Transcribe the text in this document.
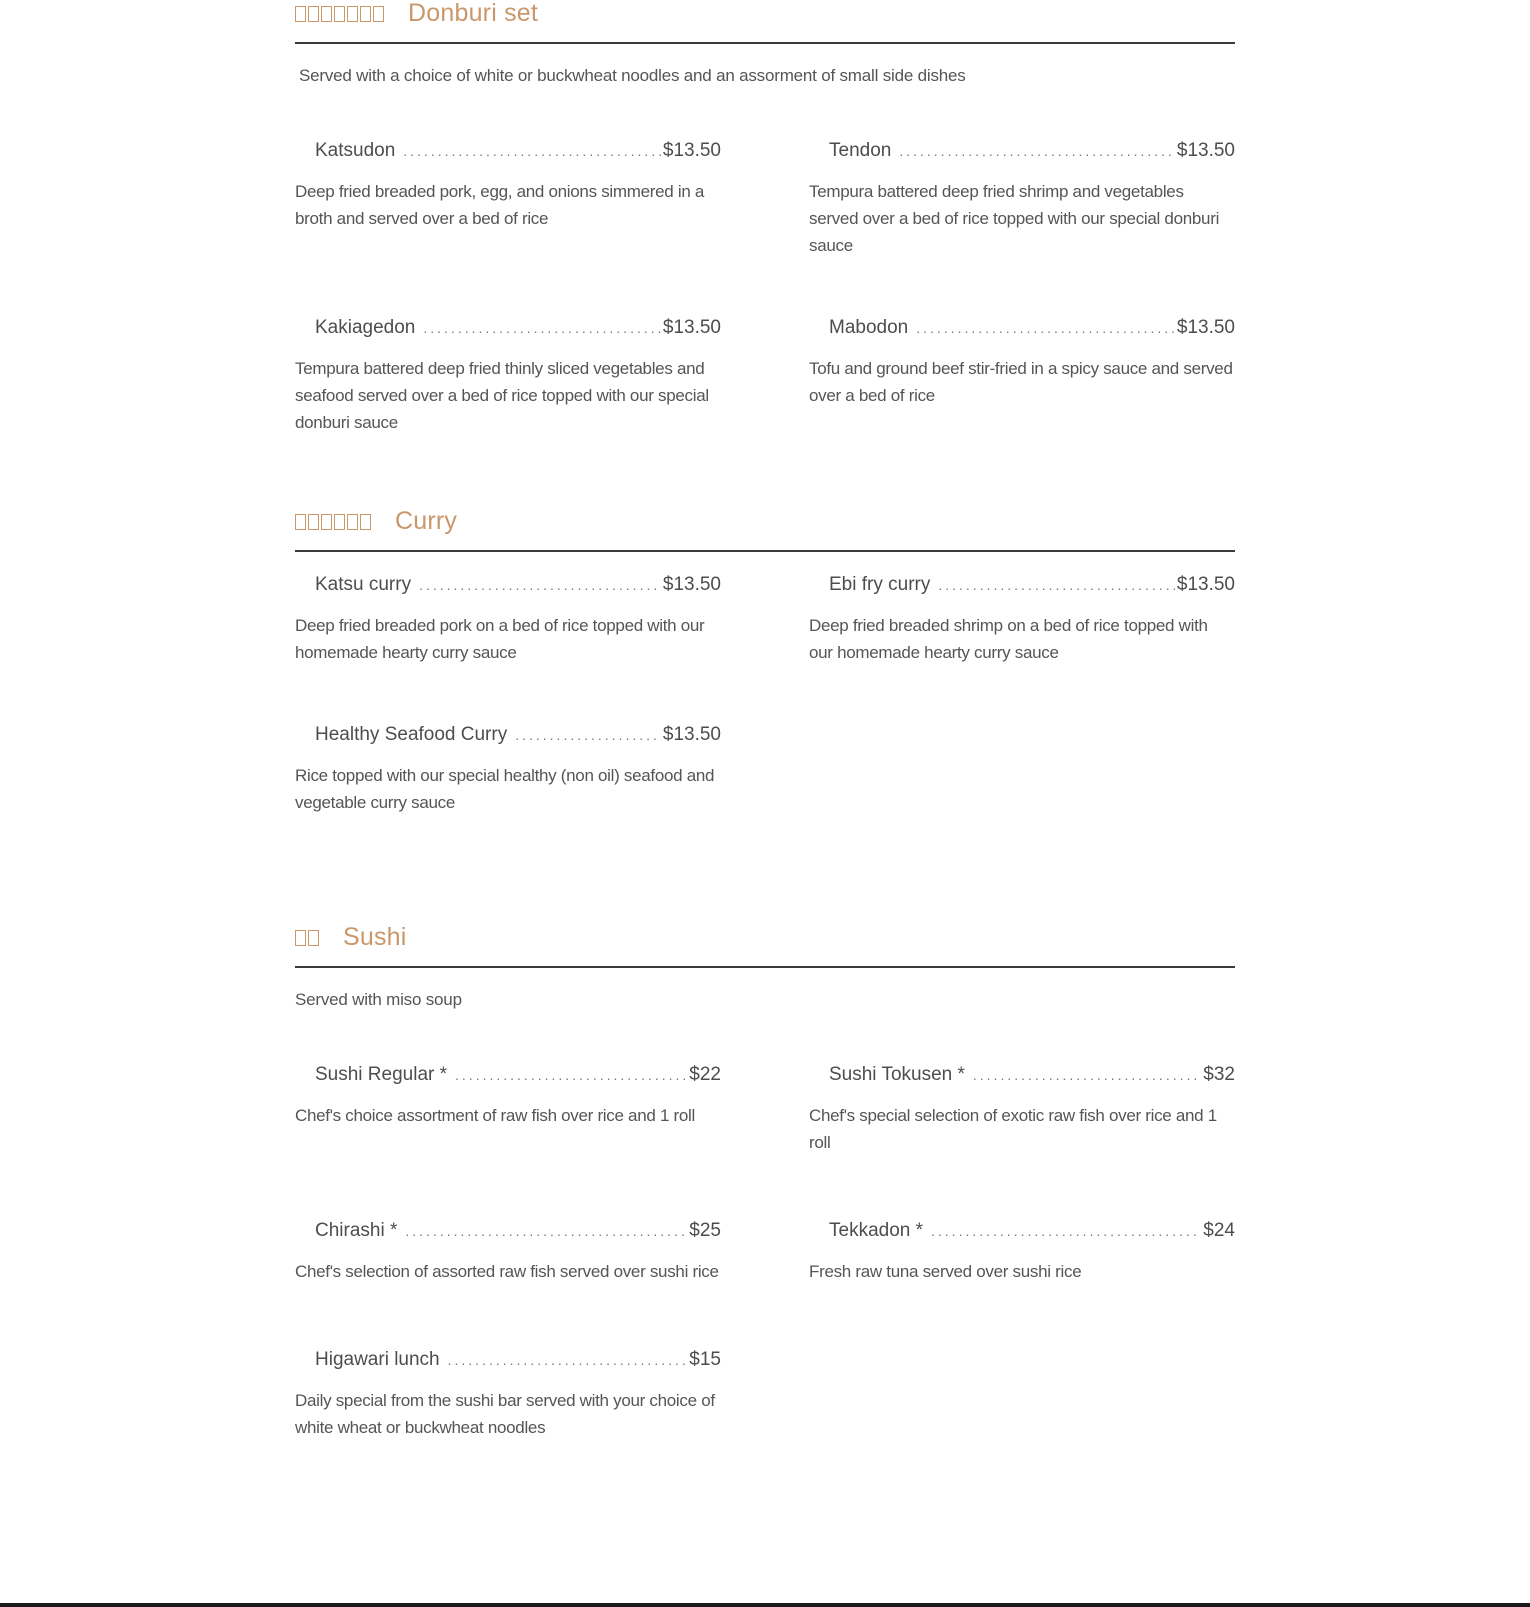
Donburi set
Served with a choice of white or buckwheat noodles and an assorment of small side dishes
Katsudon .....	$13.50
Deep fried breaded pork, egg, and onions simmered in a broth and served over a bed of rice
Tendon .....	$13.50
Tempura battered deep fried shrimp and vegetables served over a bed of rice topped with our special donburi sauce
Kakiagedon .....	$13.50
Tempura battered deep fried thinly sliced vegetables and seafood served over a bed of rice topped with our special donburi sauce
Mabodon .....	$13.50
Tofu and ground beef stir-fried in a spicy sauce and served over a bed of rice
Curry
Katsu curry .....	$13.50
Deep fried breaded pork on a bed of rice topped with our homemade hearty curry sauce
Ebi fry curry .....	$13.50
Deep fried breaded shrimp on a bed of rice topped with our homemade hearty curry sauce
Healthy Seafood Curry .....	$13.50
Rice topped with our special healthy (non oil) seafood and vegetable curry sauce
Sushi
Served with miso soup
Sushi Regular * .....	$22
Chef's choice assortment of raw fish over rice and 1 roll
Sushi Tokusen * .....	$32
Chef's special selection of exotic raw fish over rice and 1 roll
Chirashi * .....	$25
Chef's selection of assorted raw fish served over sushi rice
Tekkadon * .....	$24
Fresh raw tuna served over sushi rice
Higawari lunch .....	$15
Daily special from the sushi bar served with your choice of white wheat or buckwheat noodles
